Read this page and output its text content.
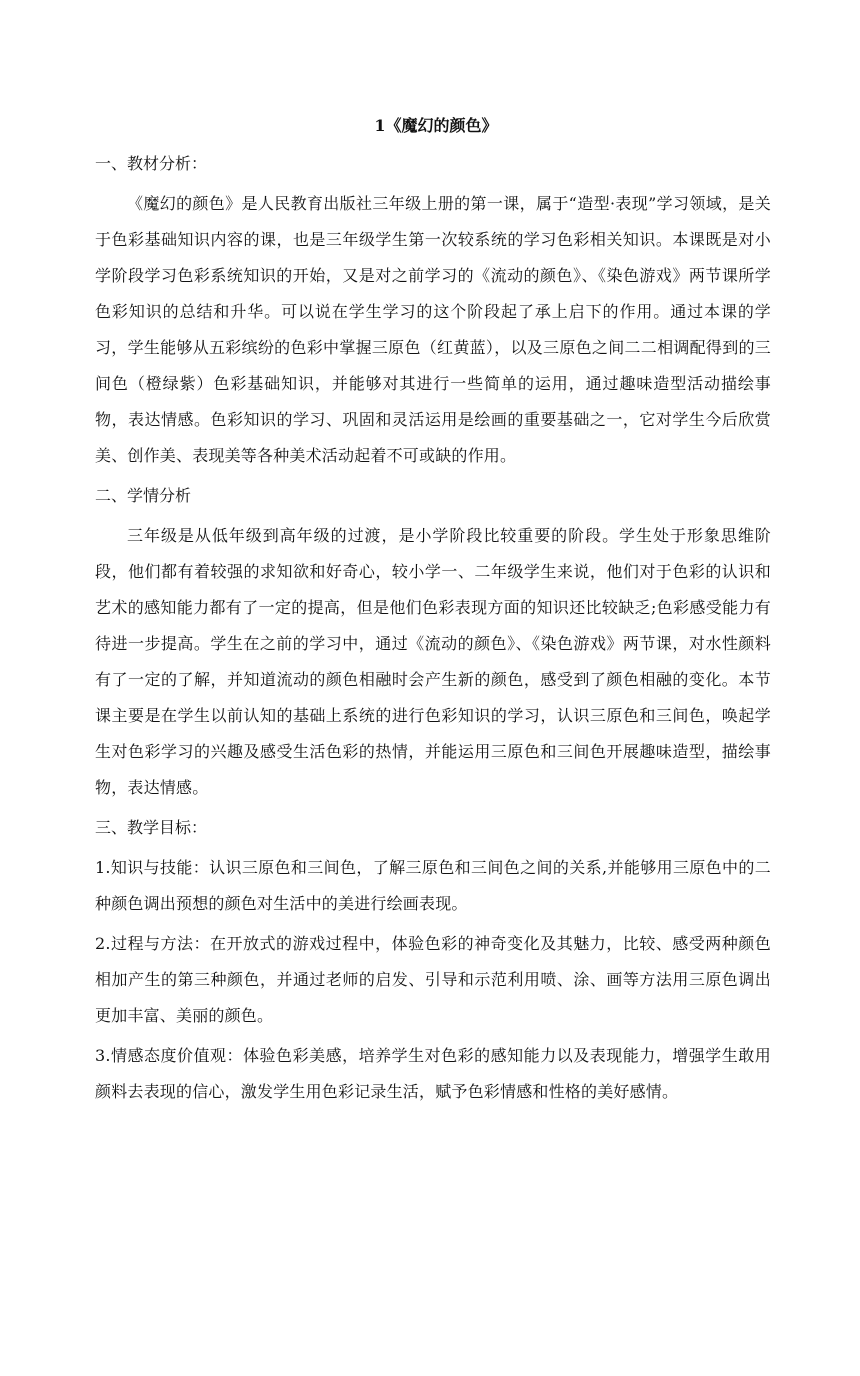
1《魔幻的颜色》
一、教材分析：

《魔幻的颜色》是人民教育出版社三年级上册的第一课，属于“造型·表现”学习领域，是关于色彩基础知识内容的课，也是三年级学生第一次较系统的学习色彩相关知识。本课既是对小学阶段学习色彩系统知识的开始，又是对之前学习的《流动的颜色》、《染色游戏》两节课所学色彩知识的总结和升华。可以说在学生学习的这个阶段起了承上启下的作用。通过本课的学习，学生能够从五彩缤纷的色彩中掌握三原色（红黄蓝），以及三原色之间二二相调配得到的三间色（橙绿紫）色彩基础知识，并能够对其进行一些简单的运用，通过趣味造型活动描绘事物，表达情感。色彩知识的学习、巩固和灵活运用是绘画的重要基础之一，它对学生今后欣赏美、创作美、表现美等各种美术活动起着不可或缺的作用。

二、学情分析

三年级是从低年级到高年级的过渡，是小学阶段比较重要的阶段。学生处于形象思维阶段，他们都有着较强的求知欲和好奇心，较小学一、二年级学生来说，他们对于色彩的认识和艺术的感知能力都有了一定的提高，但是他们色彩表现方面的知识还比较缺乏;色彩感受能力有待进一步提高。学生在之前的学习中，通过《流动的颜色》、《染色游戏》两节课，对水性颜料有了一定的了解，并知道流动的颜色相融时会产生新的颜色，感受到了颜色相融的变化。本节课主要是在学生以前认知的基础上系统的进行色彩知识的学习，认识三原色和三间色，唤起学生对色彩学习的兴趣及感受生活色彩的热情，并能运用三原色和三间色开展趣味造型，描绘事物，表达情感。

三、教学目标：

1.知识与技能：认识三原色和三间色，了解三原色和三间色之间的关系,并能够用三原色中的二种颜色调出预想的颜色对生活中的美进行绘画表现。

2.过程与方法：在开放式的游戏过程中，体验色彩的神奇变化及其魅力，比较、感受两种颜色相加产生的第三种颜色，并通过老师的启发、引导和示范利用喷、涂、画等方法用三原色调出更加丰富、美丽的颜色。

3.情感态度价值观：体验色彩美感，培养学生对色彩的感知能力以及表现能力，增强学生敢用颜料去表现的信心，激发学生用色彩记录生活，赋予色彩情感和性格的美好感情。
